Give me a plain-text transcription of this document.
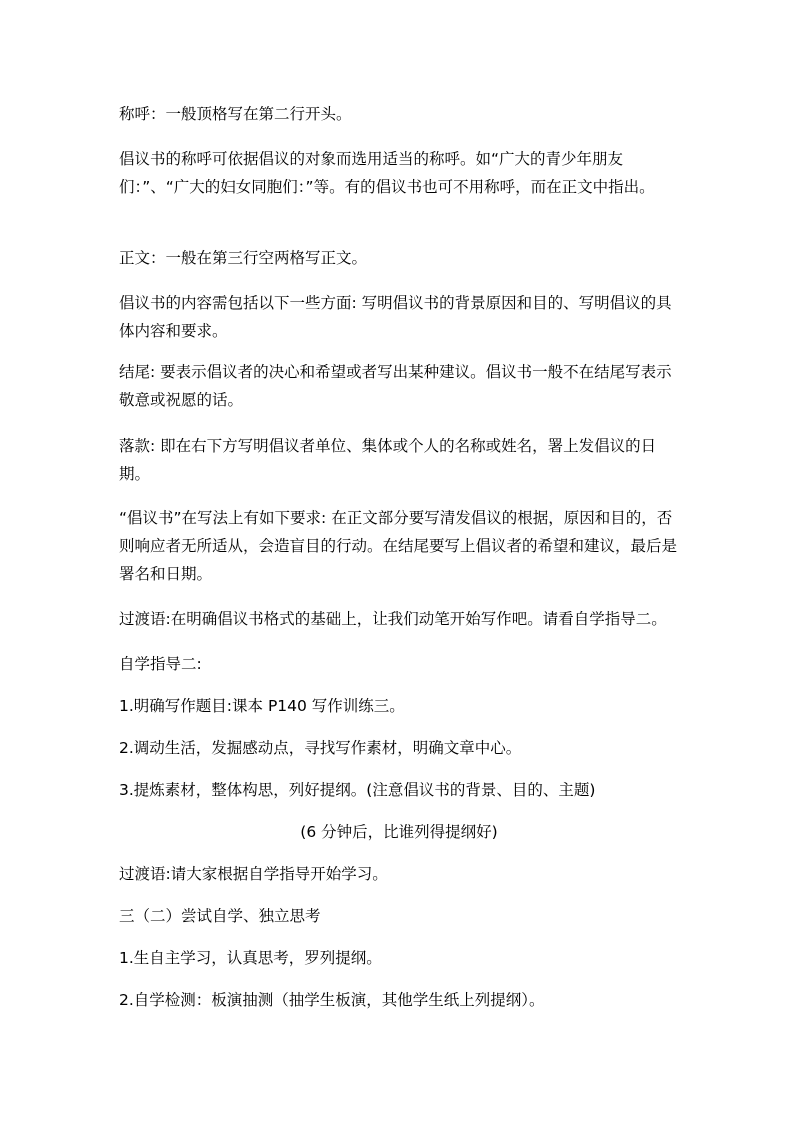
称呼：一般顶格写在第二行开头。

倡议书的称呼可依据倡议的对象而选用适当的称呼。如“广大的青少年朋友们：”、“广大的妇女同胞们：”等。有的倡议书也可不用称呼，而在正文中指出。

正文：一般在第三行空两格写正文。

倡议书的内容需包括以下一些方面: 写明倡议书的背景原因和目的、写明倡议的具体内容和要求。

结尾: 要表示倡议者的决心和希望或者写出某种建议。倡议书一般不在结尾写表示敬意或祝愿的话。

落款: 即在右下方写明倡议者单位、集体或个人的名称或姓名，署上发倡议的日期。

“倡议书”在写法上有如下要求: 在正文部分要写清发倡议的根据，原因和目的，否则响应者无所适从，会造盲目的行动。在结尾要写上倡议者的希望和建议，最后是署名和日期。

过渡语:在明确倡议书格式的基础上，让我们动笔开始写作吧。请看自学指导二。

自学指导二:

1.明确写作题目:课本 P140 写作训练三。

2.调动生活，发掘感动点，寻找写作素材，明确文章中心。

3.提炼素材，整体构思，列好提纲。(注意倡议书的背景、目的、主题)

(6 分钟后，比谁列得提纲好)

过渡语:请大家根据自学指导开始学习。

三（二）尝试自学、独立思考

1.生自主学习，认真思考，罗列提纲。

2.自学检测：板演抽测（抽学生板演，其他学生纸上列提纲）。
